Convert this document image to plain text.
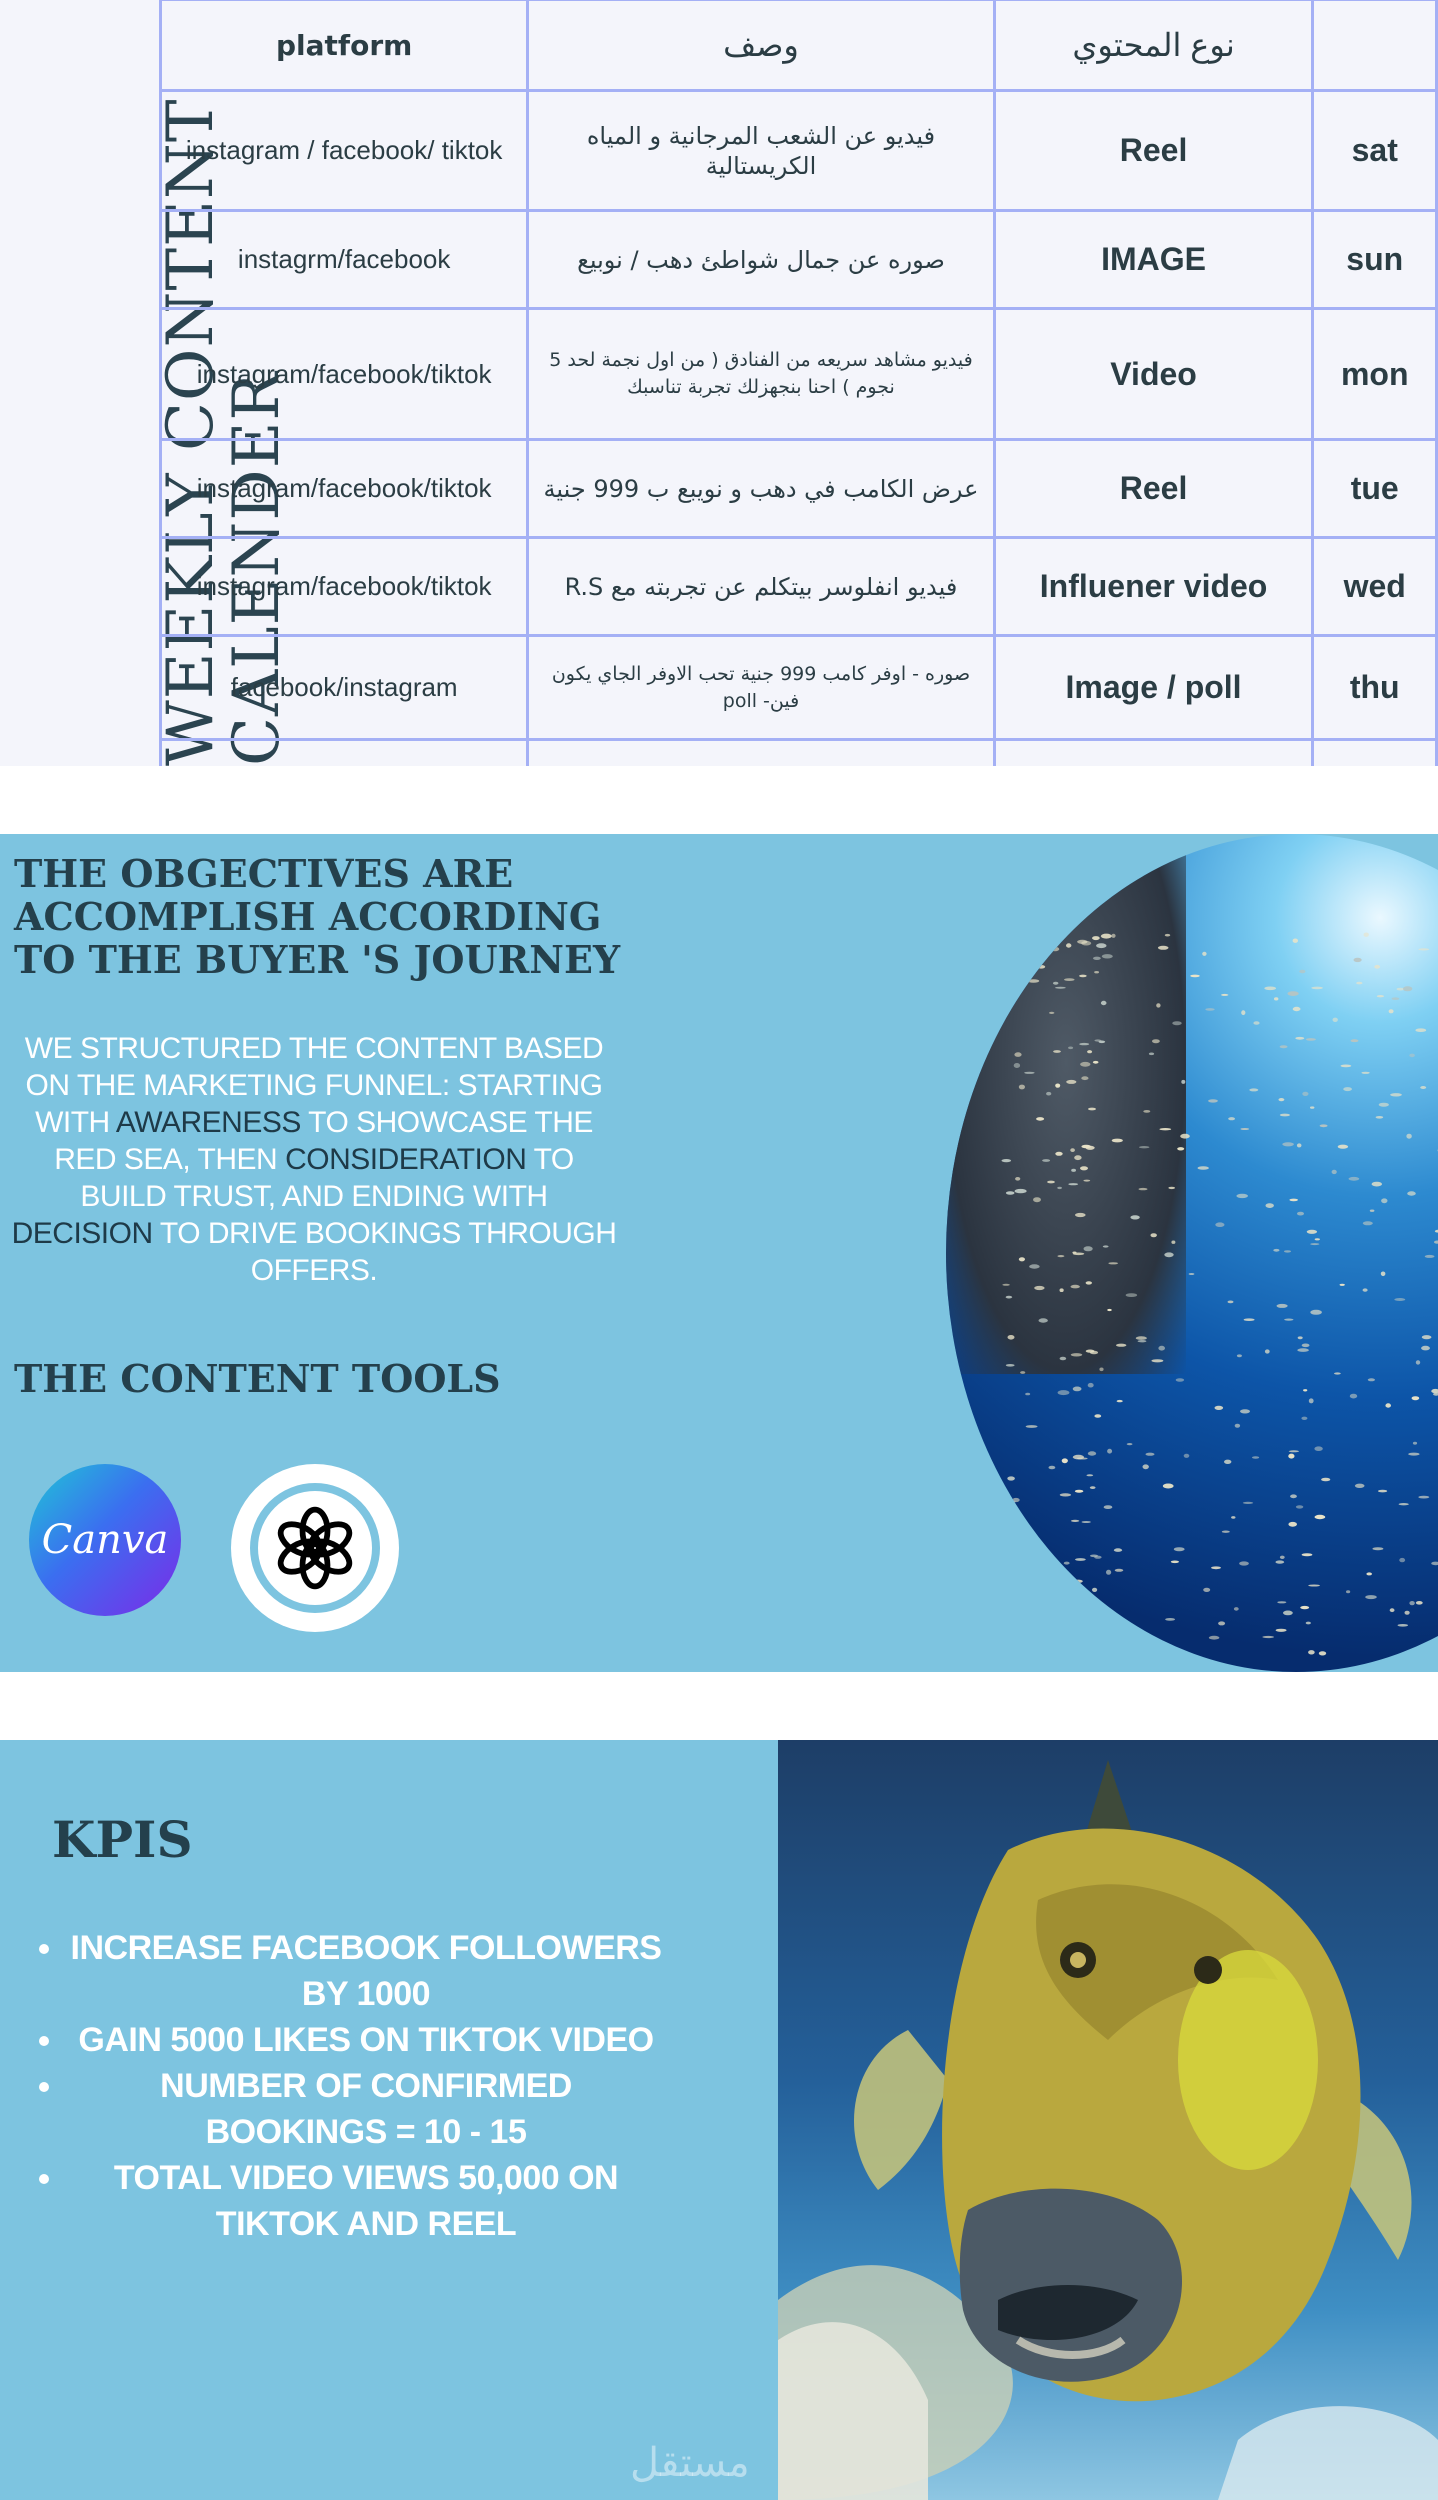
WEEKLY CONTENT
CALENDER
platform	وصف	نوع المحتوي	
instagram / facebook/ tiktok	فيديو عن الشعب المرجانية و المياه الكريستالية	Reel	sat
instagrm/facebook	صوره عن جمال شواطئ دهب / نوبيع	IMAGE	sun
instagram/facebook/tiktok	فيديو مشاهد سريعه من الفنادق ( من اول نجمة لحد 5 نجوم ) احنا بنجهزلك تجربة تناسبك	Video	mon
instagram/facebook/tiktok	عرض الكامب في دهب و نويبع ب 999 جنية	Reel	tue
instagram/facebook/tiktok	فيديو انفلوسر بيتكلم عن تجربته مع R.S	Influener video	wed
facebook/instagram	صوره - اوفر كامب 999 جنية تحب الاوفر الجاي يكون فين- poll	Image / poll	thu

THE OBGECTIVES ARE ACCOMPLISH ACCORDING TO THE BUYER 'S JOURNEY
WE STRUCTURED THE CONTENT BASED ON THE MARKETING FUNNEL: STARTING WITH AWARENESS TO SHOWCASE THE RED SEA, THEN CONSIDERATION TO BUILD TRUST, AND ENDING WITH DECISION TO DRIVE BOOKINGS THROUGH OFFERS.
THE CONTENT TOOLS
Canva
KPIS
• INCREASE FACEBOOK FOLLOWERS BY 1000
• GAIN 5000 LIKES ON TIKTOK VIDEO
• NUMBER OF CONFIRMED BOOKINGS = 10 - 15
• TOTAL VIDEO VIEWS 50,000 ON TIKTOK AND REEL
مستقل
